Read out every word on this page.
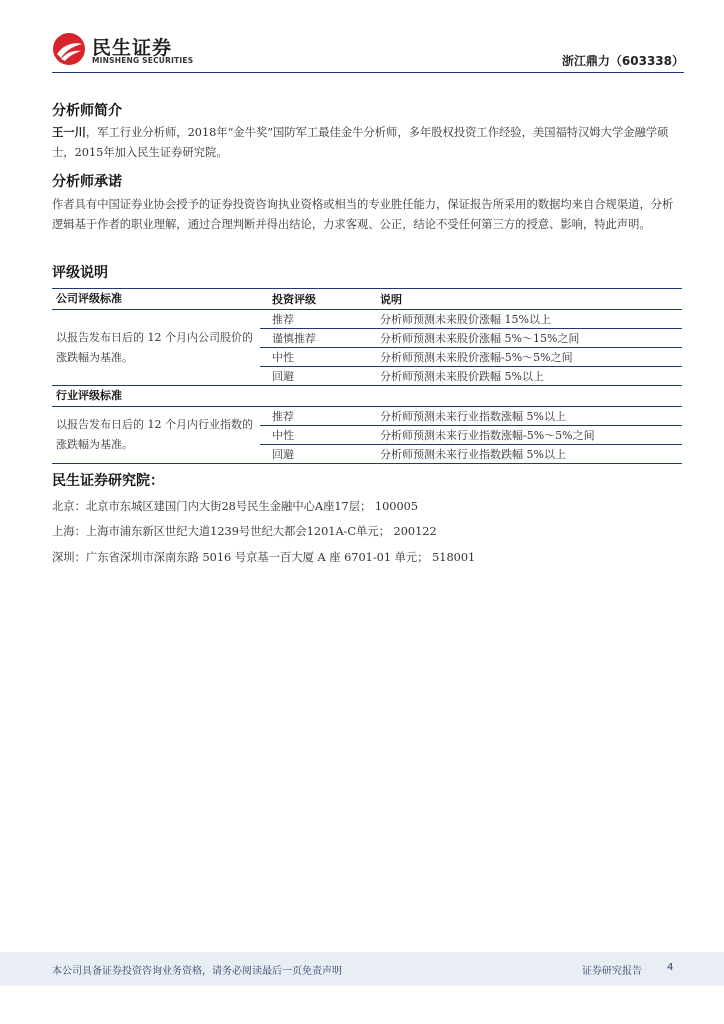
民生证券
MINSHENG SECURITIES	浙江鼎力（603338）
分析师简介
王一川，军工行业分析师，2018年“金牛奖”国防军工最佳金牛分析师，多年股权投资工作经验，美国福特汉姆大学金融学硕士，2015年加入民生证券研究院。
分析师承诺
作者具有中国证券业协会授予的证券投资咨询执业资格或相当的专业胜任能力，保证报告所采用的数据均来自合规渠道，分析逻辑基于作者的职业理解，通过合理判断并得出结论，力求客观、公正，结论不受任何第三方的授意、影响，特此声明。
评级说明
公司评级标准	投资评级	说明
以报告发布日后的 12 个月内公司股价的涨跌幅为基准。	推荐	分析师预测未来股价涨幅 15%以上
	谨慎推荐	分析师预测未来股价涨幅 5%～15%之间
	中性	分析师预测未来股价涨幅-5%～5%之间
	回避	分析师预测未来股价跌幅 5%以上
行业评级标准		
以报告发布日后的 12 个月内行业指数的涨跌幅为基准。	推荐	分析师预测未来行业指数涨幅 5%以上
	中性	分析师预测未来行业指数涨幅-5%～5%之间
	回避	分析师预测未来行业指数跌幅 5%以上
民生证券研究院：
北京：北京市东城区建国门内大街28号民生金融中心A座17层； 100005
上海：上海市浦东新区世纪大道1239号世纪大都会1201A-C单元； 200122
深圳：广东省深圳市深南东路 5016 号京基一百大厦 A 座 6701-01 单元； 518001
本公司具备证券投资咨询业务资格，请务必阅读最后一页免责声明	证券研究报告	4
